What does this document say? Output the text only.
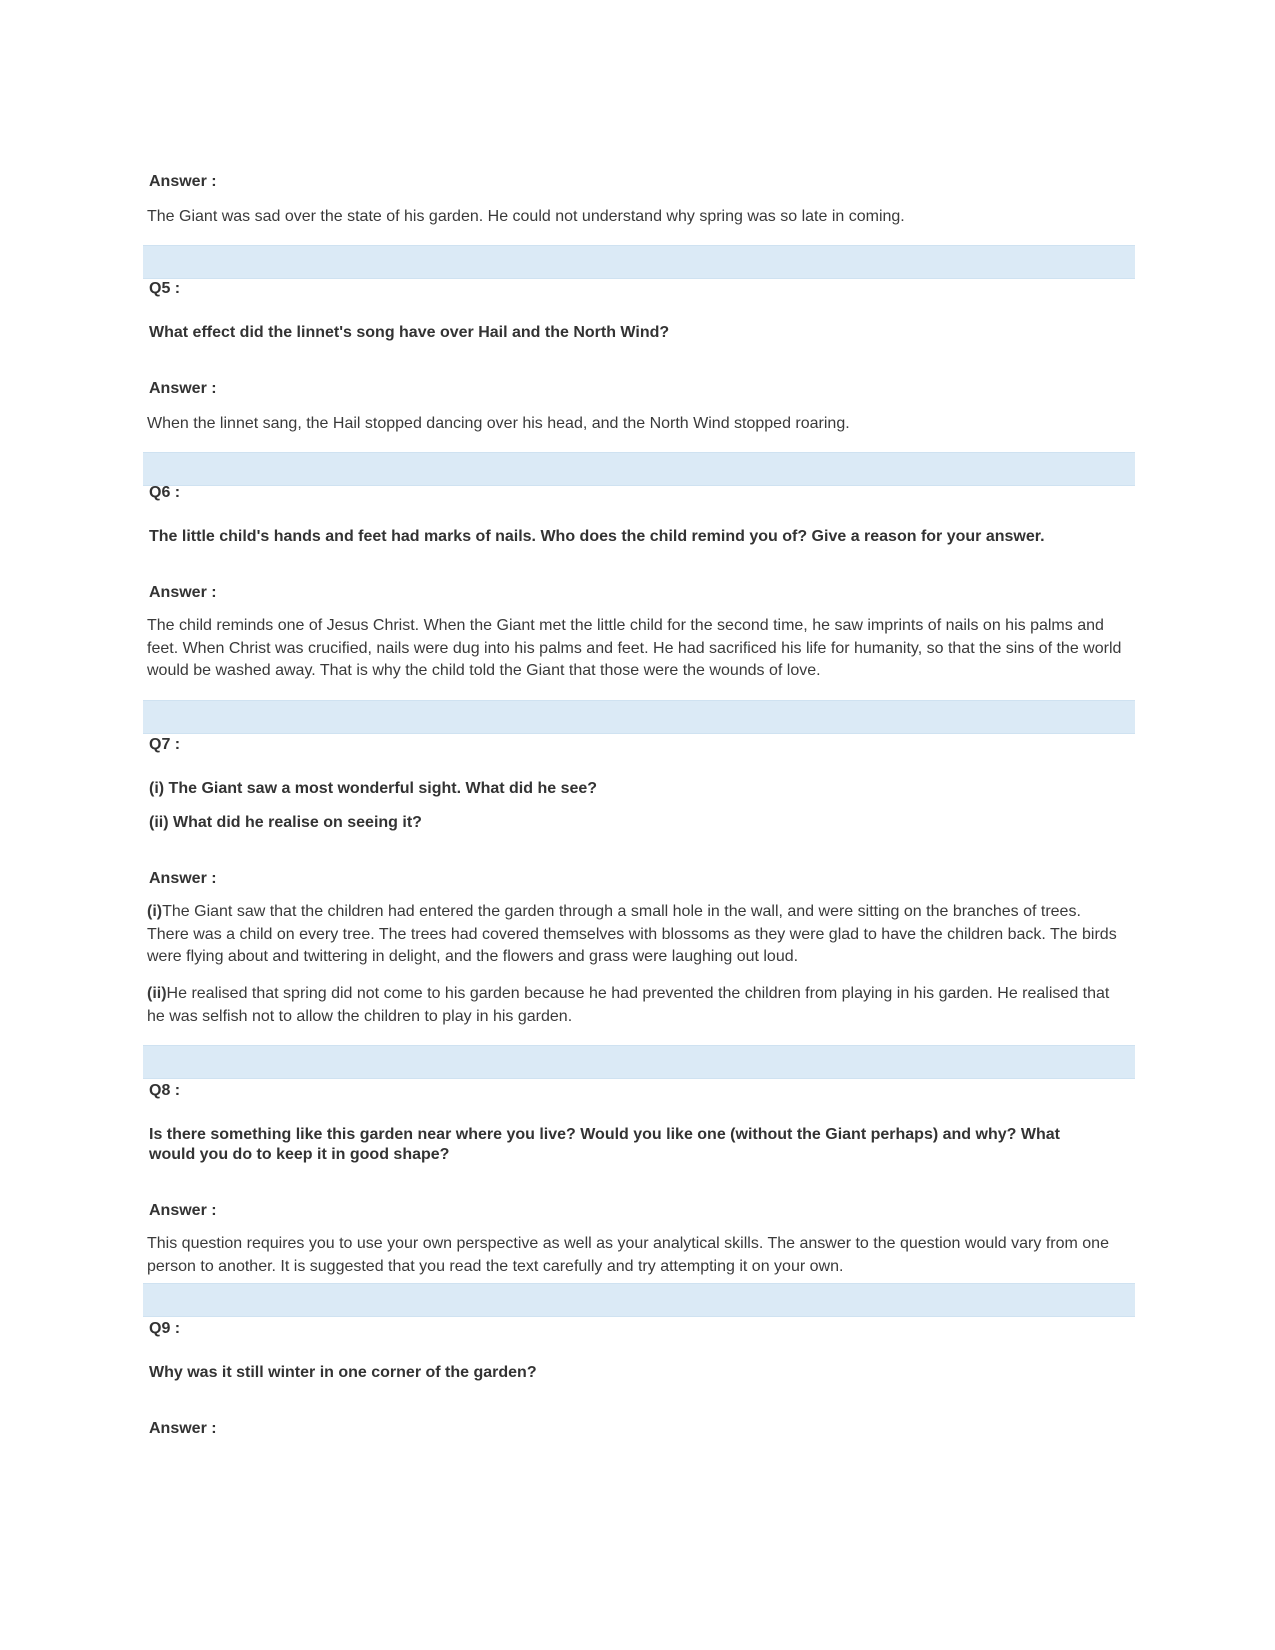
Answer :
The Giant was sad over the state of his garden. He could not understand why spring was so late in coming.
Q5 :
What effect did the linnet's song have over Hail and the North Wind?
Answer :
When the linnet sang, the Hail stopped dancing over his head, and the North Wind stopped roaring.
Q6 :
The little child's hands and feet had marks of nails. Who does the child remind you of? Give a reason for your answer.
Answer :
The child reminds one of Jesus Christ. When the Giant met the little child for the second time, he saw imprints of nails on his palms and feet. When Christ was crucified, nails were dug into his palms and feet. He had sacrificed his life for humanity, so that the sins of the world would be washed away. That is why the child told the Giant that those were the wounds of love.
Q7 :
(i) The Giant saw a most wonderful sight. What did he see?
(ii) What did he realise on seeing it?
Answer :
(i)The Giant saw that the children had entered the garden through a small hole in the wall, and were sitting on the branches of trees. There was a child on every tree. The trees had covered themselves with blossoms as they were glad to have the children back. The birds were flying about and twittering in delight, and the flowers and grass were laughing out loud.
(ii)He realised that spring did not come to his garden because he had prevented the children from playing in his garden. He realised that he was selfish not to allow the children to play in his garden.
Q8 :
Is there something like this garden near where you live? Would you like one (without the Giant perhaps) and why? What would you do to keep it in good shape?
Answer :
This question requires you to use your own perspective as well as your analytical skills. The answer to the question would vary from one person to another. It is suggested that you read the text carefully and try attempting it on your own.
Q9 :
Why was it still winter in one corner of the garden?
Answer :
